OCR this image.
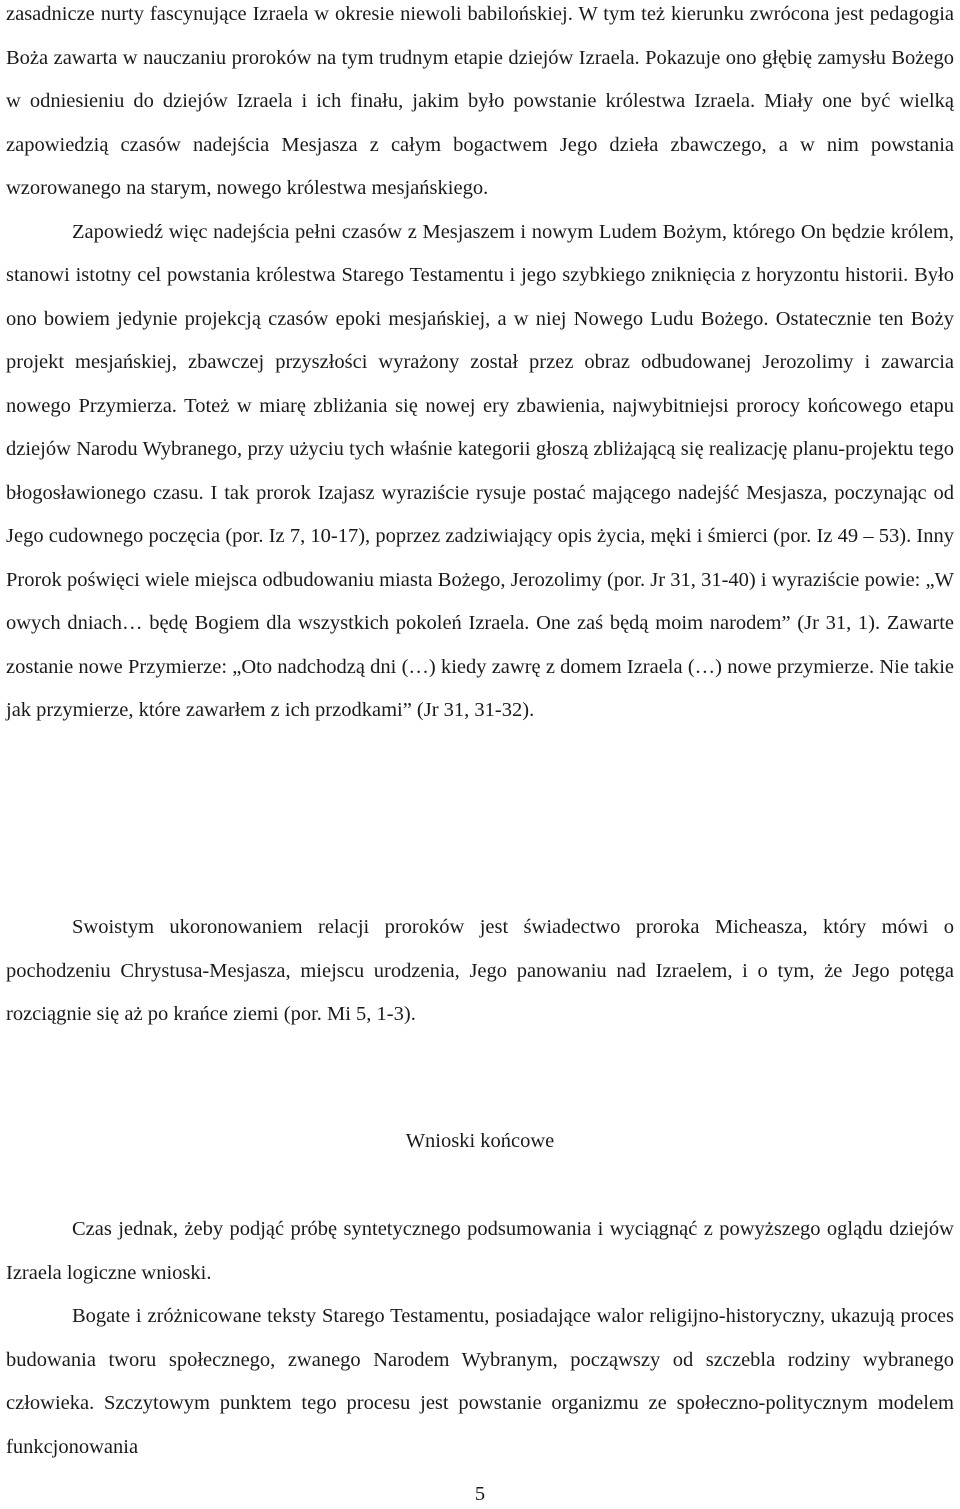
zasadnicze nurty fascynujące Izraela w okresie niewoli babilońskiej. W tym też kierunku zwrócona jest pedagogia Boża zawarta w nauczaniu proroków na tym trudnym etapie dziejów Izraela. Pokazuje ono głębię zamysłu Bożego w odniesieniu do dziejów Izraela i ich finału, jakim było powstanie królestwa Izraela. Miały one być wielką zapowiedzią czasów nadejścia Mesjasza z całym bogactwem Jego dzieła zbawczego, a w nim powstania wzorowanego na starym, nowego królestwa mesjańskiego.

Zapowiedź więc nadejścia pełni czasów z Mesjaszem i nowym Ludem Bożym, którego On będzie królem, stanowi istotny cel powstania królestwa Starego Testamentu i jego szybkiego zniknięcia z horyzontu historii. Było ono bowiem jedynie projekcją czasów epoki mesjańskiej, a w niej Nowego Ludu Bożego. Ostatecznie ten Boży projekt mesjańskiej, zbawczej przyszłości wyrażony został przez obraz odbudowanej Jerozolimy i zawarcia nowego Przymierza. Toteż w miarę zbliżania się nowej ery zbawienia, najwybitniejsi prorocy końcowego etapu dziejów Narodu Wybranego, przy użyciu tych właśnie kategorii głoszą zbliżającą się realizację planu-projektu tego błogosławionego czasu. I tak prorok Izajasz wyraziście rysuje postać mającego nadejść Mesjasza, poczynając od Jego cudownego poczęcia (por. Iz 7, 10-17), poprzez zadziwiający opis życia, męki i śmierci (por. Iz 49 – 53). Inny Prorok poświęci wiele miejsca odbudowaniu miasta Bożego, Jerozolimy (por. Jr 31, 31-40) i wyraziście powie: „W owych dniach… będę Bogiem dla wszystkich pokoleń Izraela. One zaś będą moim narodem” (Jr 31, 1). Zawarte zostanie nowe Przymierze: „Oto nadchodzą dni (…) kiedy zawrę z domem Izraela (…) nowe przymierze. Nie takie jak przymierze, które zawarłem z ich przodkami” (Jr 31, 31-32).

Swoistym ukoronowaniem relacji proroków jest świadectwo proroka Micheasza, który mówi o pochodzeniu Chrystusa-Mesjasza, miejscu urodzenia, Jego panowaniu nad Izraelem, i o tym, że Jego potęga rozciągnie się aż po krańce ziemi (por. Mi 5, 1-3).

Wnioski końcowe

Czas jednak, żeby podjąć próbę syntetycznego podsumowania i wyciągnąć z powyższego oglądu dziejów Izraela logiczne wnioski.

Bogate i zróżnicowane teksty Starego Testamentu, posiadające walor religijno-historyczny, ukazują proces budowania tworu społecznego, zwanego Narodem Wybranym, począwszy od szczebla rodziny wybranego człowieka. Szczytowym punktem tego procesu jest powstanie organizmu ze społeczno-politycznym modelem funkcjonowania

5
